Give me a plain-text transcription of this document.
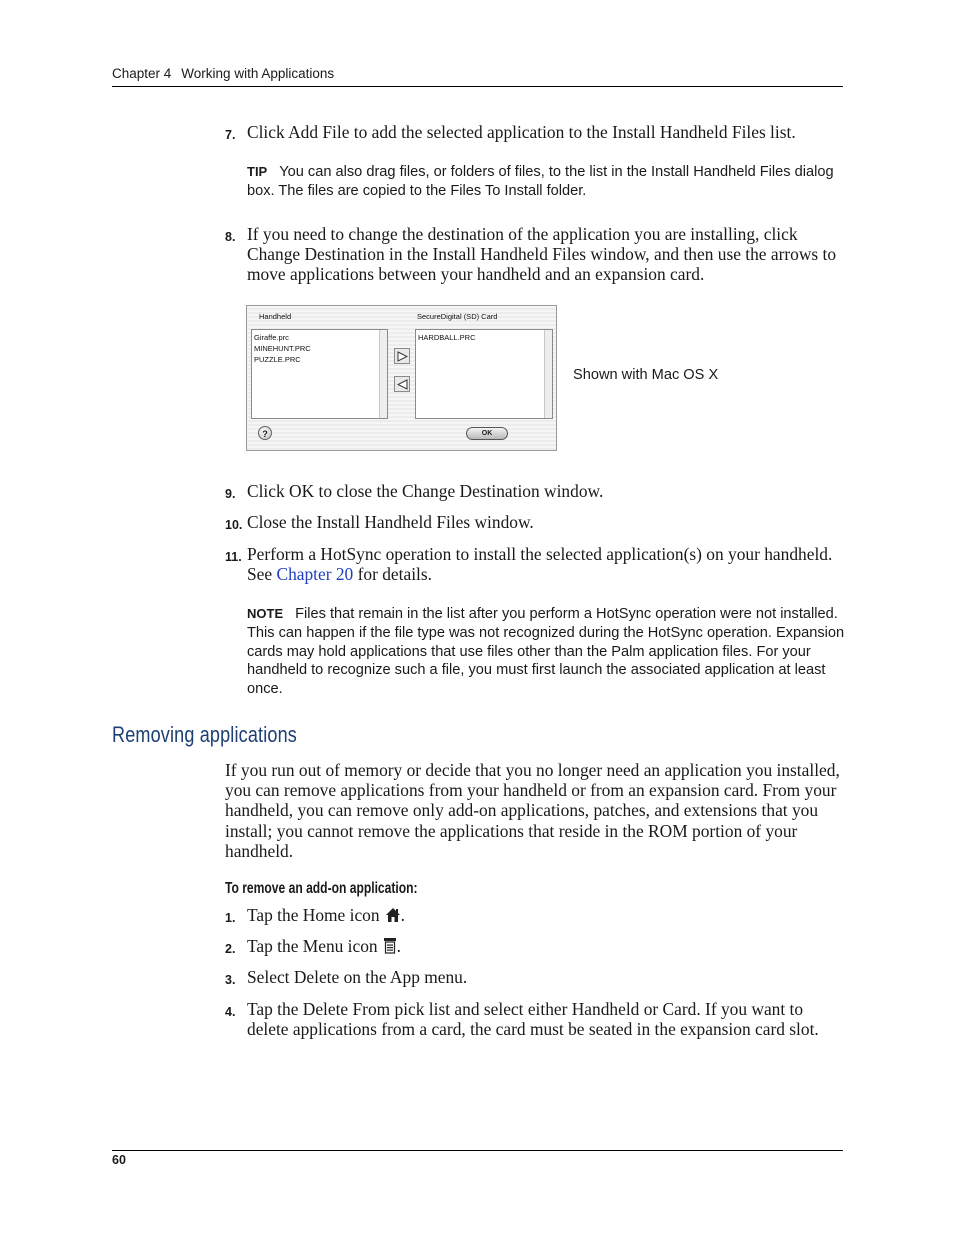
Chapter 4 Working with Applications
7. Click Add File to add the selected application to the Install Handheld Files list.
TIP You can also drag files, or folders of files, to the list in the Install Handheld Files dialog box. The files are copied to the Files To Install folder.
8. If you need to change the destination of the application you are installing, click Change Destination in the Install Handheld Files window, and then use the arrows to move applications between your handheld and an expansion card.
Handheld	SecureDigital (SD) Card
Giraffe.prc
MINEHUNT.PRC
PUZZLE.PRC
HARDBALL.PRC
?	OK
Shown with Mac OS X
9. Click OK to close the Change Destination window.
10. Close the Install Handheld Files window.
11. Perform a HotSync operation to install the selected application(s) on your handheld. See Chapter 20 for details.
NOTE Files that remain in the list after you perform a HotSync operation were not installed. This can happen if the file type was not recognized during the HotSync operation. Expansion cards may hold applications that use files other than the Palm application files. For your handheld to recognize such a file, you must first launch the associated application at least once.
Removing applications
If you run out of memory or decide that you no longer need an application you installed, you can remove applications from your handheld or from an expansion card. From your handheld, you can remove only add-on applications, patches, and extensions that you install; you cannot remove the applications that reside in the ROM portion of your handheld.
To remove an add-on application:
1. Tap the Home icon .
2. Tap the Menu icon .
3. Select Delete on the App menu.
4. Tap the Delete From pick list and select either Handheld or Card. If you want to delete applications from a card, the card must be seated in the expansion card slot.
60
